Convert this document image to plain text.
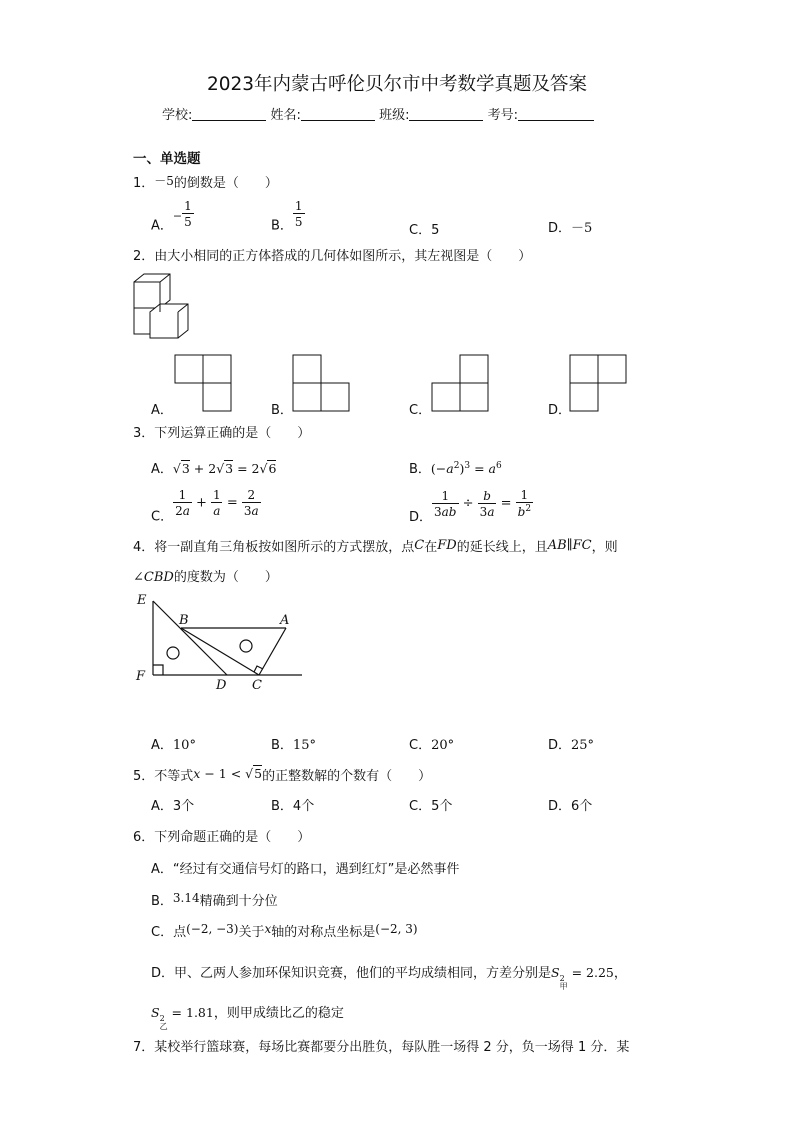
2023年内蒙古呼伦贝尔市中考数学真题及答案
学校:	姓名:	班级:	考号:
一、单选题
1．－5的倒数是（　　）
A．− $\frac{1}{5}$	B． $\frac{1}{5}$
C．5	D．－5
2．由大小相同的正方体搭成的几何体如图所示，其左视图是（　　）
A．	B．	C．	D．
3．下列运算正确的是（　　）
A．√3 + 2√3 = 2√6	B．$(-a^2)^3 = a^6$
C． $\frac{1}{2a} + \frac{1}{a} = \frac{2}{3a}$
D． $\frac{1}{3ab} \div \frac{b}{3a} = \frac{1}{b^2}$
4．将一副直角三角板按如图所示的方式摆放，点C在FD的延长线上，且AB∥FC，则
∠CBD的度数为（　　）
E
B	A
F
D C
A．10°	B．15°	C．20°	D．25°
5．不等式x − 1 < √5的正整数解的个数有（　　）
A．3个	B．4个	C．5个	D．6个
6．下列命题正确的是（　　）
A．“经过有交通信号灯的路口，遇到红灯”是必然事件
B．3.14精确到十分位
C．点(−2, −3)关于x轴的对称点坐标是(−2, 3)
D．甲、乙两人参加环保知识竞赛，他们的平均成绩相同，方差分别是S 2
甲
= 2.25，
S 2
乙
= 1.81，则甲成绩比乙的稳定
7．某校举行篮球赛，每场比赛都要分出胜负，每队胜一场得 2 分，负一场得 1 分．某
